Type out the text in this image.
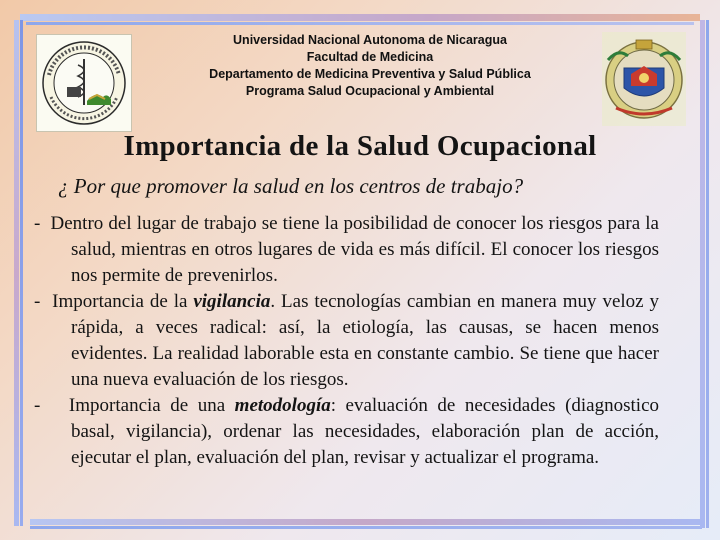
Universidad Nacional Autonoma de Nicaragua
Facultad de Medicina
Departamento de Medicina Preventiva y Salud Pública
Programa Salud Ocupacional y Ambiental
Importancia de la Salud Ocupacional
¿ Por que promover la salud en los centros de trabajo?

- Dentro del lugar de trabajo se tiene la posibilidad de conocer los riesgos para la salud, mientras en otros lugares de vida es más difícil. El conocer los riesgos nos permite de prevenirlos.

- Importancia de la vigilancia. Las tecnologías cambian en manera muy veloz y rápida, a veces radical: así, la etiología, las causas, se hacen menos evidentes. La realidad laborable esta en constante cambio. Se tiene que hacer una nueva evaluación de los riesgos.

- Importancia de una metodología: evaluación de necesidades (diagnostico basal, vigilancia), ordenar las necesidades, elaboración plan de acción, ejecutar el plan, evaluación del plan, revisar y actualizar el programa.
